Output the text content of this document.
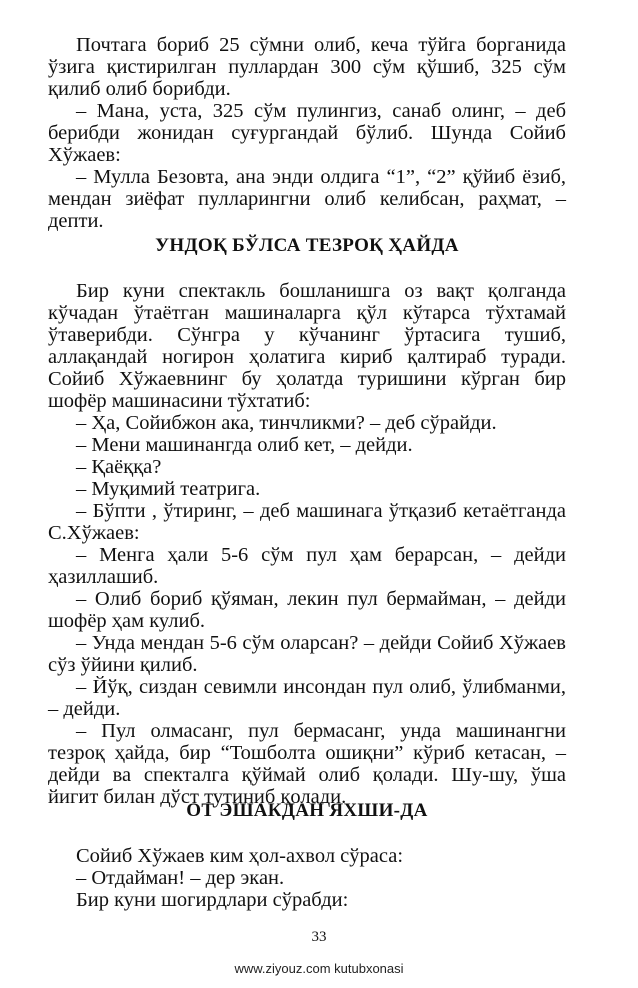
Почтага бориб 25 сўмни олиб, кеча тўйга борганида ўзига қистирилган пуллардан 300 сўм қўшиб, 325 сўм қилиб олиб борибди.

– Мана, уста, 325 сўм пулингиз, санаб олинг, – деб берибди жонидан суғургандай бўлиб. Шунда Сойиб Хўжаев:

– Мулла Безовта, ана энди олдига “1”, “2” қўйиб ёзиб, мендан зиёфат пулларингни олиб келибсан, раҳмат, – депти.

УНДОҚ БЎЛСА ТЕЗРОҚ ҲАЙДА

Бир куни спектакль бошланишга оз вақт қолганда кўчадан ўтаётган машиналарга қўл кўтарса тўхтамай ўтаверибди. Сўнгра у кўчанинг ўртасига тушиб, аллақандай ногирон ҳолатига кириб қалтираб туради. Сойиб Хўжаевнинг бу ҳолатда туришини кўрган бир шофёр машинасини тўхтатиб:

– Ҳа, Сойибжон ака, тинчликми? – деб сўрайди.

– Мени машинангда олиб кет, – дейди.

– Қаёққа?

– Муқимий театрига.

– Бўпти , ўтиринг, – деб машинага ўтқазиб кетаётганда С.Хўжаев:

– Менга ҳали 5-6 сўм пул ҳам берарсан, – дейди ҳазиллашиб.

– Олиб бориб қўяман, лекин пул бермайман, – дейди шофёр ҳам кулиб.

– Унда мендан 5-6 сўм оларсан? – дейди Сойиб Хўжаев сўз ўйини қилиб.

– Йўқ, сиздан севимли инсондан пул олиб, ўлибманми, – дейди.

– Пул олмасанг, пул бермасанг, унда машинангни тезроқ ҳайда, бир “Тошболта ошиқни” кўриб кетасан, – дейди ва спекталга қўймай олиб қолади. Шу-шу, ўша йигит билан дўст тутиниб қолади.

ОТ ЭШАКДАН ЯХШИ-ДА

Сойиб Хўжаев ким ҳол-ахвол сўраса:

– Отдайман! – дер экан.

Бир куни шогирдлари сўрабди:

33
www.ziyouz.com kutubxonasi
